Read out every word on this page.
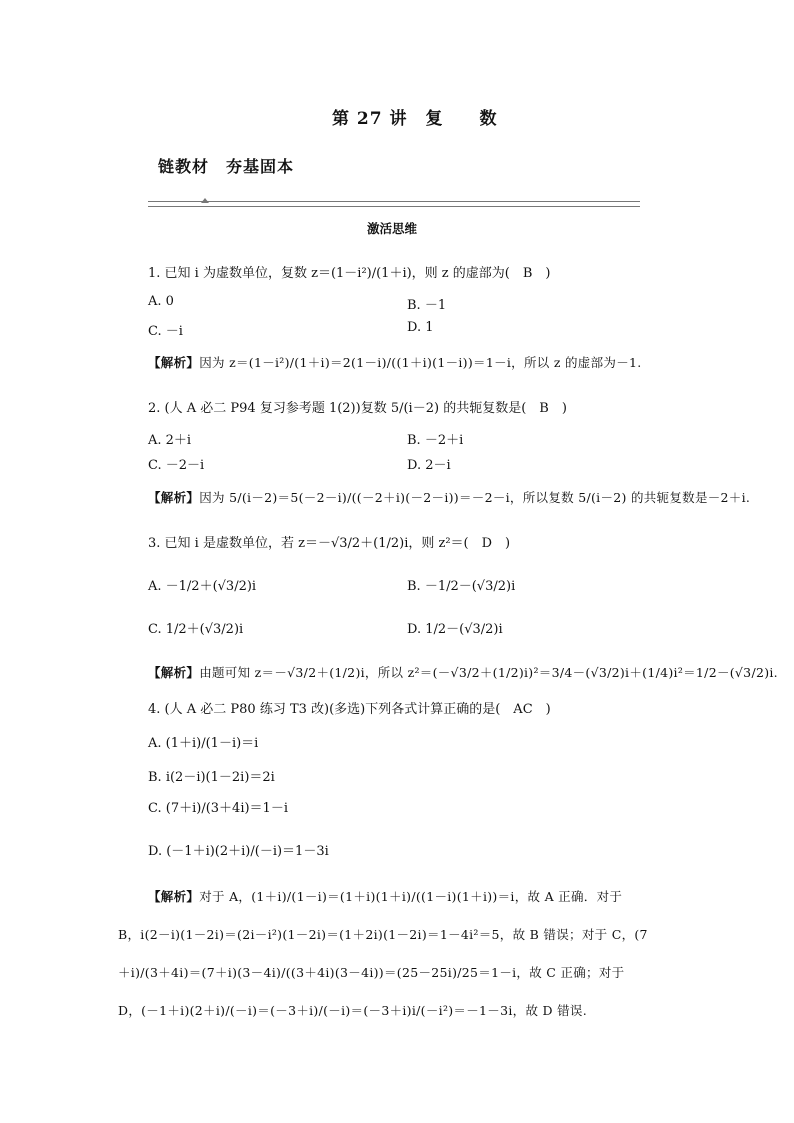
第 27 讲　复　　数
链教材　夯基固本
激活思维
1. 已知 i 为虚数单位，复数 z＝(1－i²)/(1＋i)，则 z 的虚部为(　B　)
A. 0	B. －1
C. －i	D. 1
【解析】因为 z＝(1－i²)/(1＋i)＝2(1－i)/((1＋i)(1－i))＝1－i，所以 z 的虚部为－1.
2. (人 A 必二 P94 复习参考题 1(2))复数 5/(i－2) 的共轭复数是(　B　)
A. 2＋i	B. －2＋i
C. －2－i	D. 2－i
【解析】因为 5/(i－2)＝5(－2－i)/((－2＋i)(－2－i))＝－2－i，所以复数 5/(i－2) 的共轭复数是－2＋i.
3. 已知 i 是虚数单位，若 z＝－√3/2＋(1/2)i，则 z²＝(　D　)
A. －1/2＋(√3/2)i	B. －1/2－(√3/2)i
C. 1/2＋(√3/2)i	D. 1/2－(√3/2)i
【解析】由题可知 z＝－√3/2＋(1/2)i，所以 z²＝(－√3/2＋(1/2)i)²＝3/4－(√3/2)i＋(1/4)i²＝1/2－(√3/2)i.
4. (人 A 必二 P80 练习 T3 改)(多选)下列各式计算正确的是(　AC　)
A. (1＋i)/(1－i)＝i
B. i(2－i)(1－2i)＝2i
C. (7＋i)/(3＋4i)＝1－i
D. (－1＋i)(2＋i)/(－i)＝1－3i
【解析】对于 A，(1＋i)/(1－i)＝(1＋i)(1＋i)/((1－i)(1＋i))＝i，故 A 正确．对于 B，i(2－i)(1－2i)＝(2i－i²)(1－2i)＝(1＋2i)(1－2i)＝1－4i²＝5，故 B 错误；对于 C，(7＋i)/(3＋4i)＝(7＋i)(3－4i)/((3＋4i)(3－4i))＝(25－25i)/25＝1－i，故 C 正确；对于 D，(－1＋i)(2＋i)/(－i)＝(－3＋i)/(－i)＝(－3＋i)i/(－i²)＝－1－3i，故 D 错误.
